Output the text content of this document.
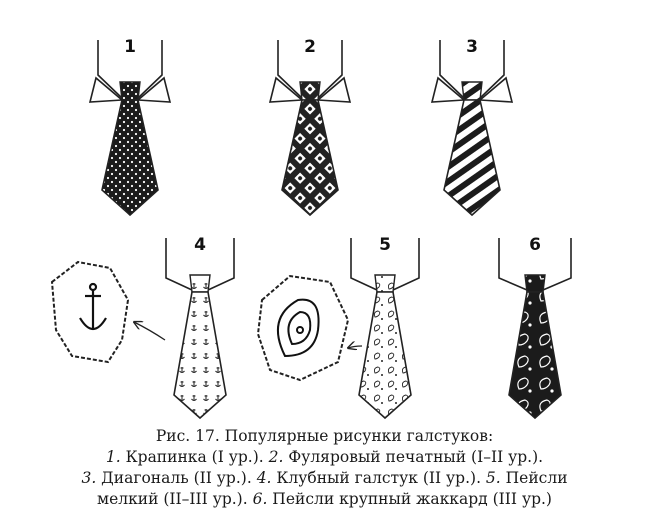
1	2	3
4	5	6
Рис. 17. Популярные рисунки галстуков:
1. Крапинка (I ур.). 2. Фуляровый печатный (I–II ур.).
3. Диагональ (II ур.). 4. Клубный галстук (II ур.). 5. Пейсли
мелкий (II–III ур.). 6. Пейсли крупный жаккард (III ур.)
